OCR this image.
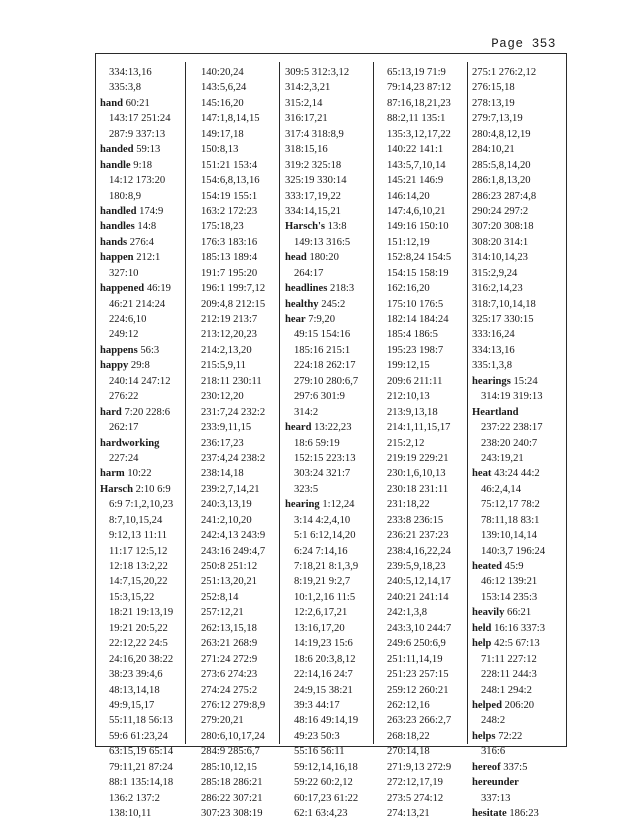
Page 353
334:13,16
335:3,8
hand 60:21
143:17 251:24
287:9 337:13
handed 59:13
handle 9:18
14:12 173:20
180:8,9
handled 174:9
handles 14:8
hands 276:4
happen 212:1
327:10
happened 46:19
46:21 214:24
224:6,10
249:12
happens 56:3
happy 29:8
240:14 247:12
276:22
hard 7:20 228:6
262:17
hardworking
227:24
harm 10:22
Harsch 2:10 6:9
6:9 7:1,2,10,23
8:7,10,15,24
9:12,13 11:11
11:17 12:5,12
12:18 13:2,22
14:7,15,20,22
15:3,15,22
18:21 19:13,19
19:21 20:5,22
22:12,22 24:5
24:16,20 38:22
38:23 39:4,6
48:13,14,18
49:9,15,17
55:11,18 56:13
59:6 61:23,24
63:15,19 65:14
79:11,21 87:24
88:1 135:14,18
136:2 137:2
138:10,11
140:20,24
143:5,6,24
145:16,20
147:1,8,14,15
149:17,18
150:8,13
151:21 153:4
154:6,8,13,16
154:19 155:1
163:2 172:23
175:18,23
176:3 183:16
185:13 189:4
191:7 195:20
196:1 199:7,12
209:4,8 212:15
212:19 213:7
213:12,20,23
214:2,13,20
215:5,9,11
218:11 230:11
230:12,20
231:7,24 232:2
233:9,11,15
236:17,23
237:4,24 238:2
238:14,18
239:2,7,14,21
240:3,13,19
241:2,10,20
242:4,13 243:9
243:16 249:4,7
250:8 251:12
251:13,20,21
252:8,14
257:12,21
262:13,15,18
263:21 268:9
271:24 272:9
273:6 274:23
274:24 275:2
276:12 279:8,9
279:20,21
280:6,10,17,24
284:9 285:6,7
285:10,12,15
285:18 286:21
286:22 307:21
307:23 308:19
309:5 312:3,12
314:2,3,21
315:2,14
316:17,21
317:4 318:8,9
318:15,16
319:2 325:18
325:19 330:14
333:17,19,22
334:14,15,21
Harsch's 13:8
149:13 316:5
head 180:20
264:17
headlines 218:3
healthy 245:2
hear 7:9,20
49:15 154:16
185:16 215:1
224:18 262:17
279:10 280:6,7
297:6 301:9
314:2
heard 13:22,23
18:6 59:19
152:15 223:13
303:24 321:7
323:5
hearing 1:12,24
3:14 4:2,4,10
5:1 6:12,14,20
6:24 7:14,16
7:18,21 8:1,3,9
8:19,21 9:2,7
10:1,2,16 11:5
12:2,6,17,21
13:16,17,20
14:19,23 15:6
18:6 20:3,8,12
22:14,16 24:7
24:9,15 38:21
39:3 44:17
48:16 49:14,19
49:23 50:3
55:16 56:11
59:12,14,16,18
59:22 60:2,12
60:17,23 61:22
62:1 63:4,23
65:13,19 71:9
79:14,23 87:12
87:16,18,21,23
88:2,11 135:1
135:3,12,17,22
140:22 141:1
143:5,7,10,14
145:21 146:9
146:14,20
147:4,6,10,21
149:16 150:10
151:12,19
152:8,24 154:5
154:15 158:19
162:16,20
175:10 176:5
182:14 184:24
185:4 186:5
195:23 198:7
199:12,15
209:6 211:11
212:10,13
213:9,13,18
214:1,11,15,17
215:2,12
219:19 229:21
230:1,6,10,13
230:18 231:11
231:18,22
233:8 236:15
236:21 237:23
238:4,16,22,24
239:5,9,18,23
240:5,12,14,17
240:21 241:14
242:1,3,8
243:3,10 244:7
249:6 250:6,9
251:11,14,19
251:23 257:15
259:12 260:21
262:12,16
263:23 266:2,7
268:18,22
270:14,18
271:9,13 272:9
272:12,17,19
273:5 274:12
274:13,21
275:1 276:2,12
276:15,18
278:13,19
279:7,13,19
280:4,8,12,19
284:10,21
285:5,8,14,20
286:1,8,13,20
286:23 287:4,8
290:24 297:2
307:20 308:18
308:20 314:1
314:10,14,23
315:2,9,24
316:2,14,23
318:7,10,14,18
325:17 330:15
333:16,24
334:13,16
335:1,3,8
hearings 15:24
314:19 319:13
Heartland
237:22 238:17
238:20 240:7
243:19,21
heat 43:24 44:2
46:2,4,14
75:12,17 78:2
78:11,18 83:1
139:10,14,14
140:3,7 196:24
heated 45:9
46:12 139:21
153:14 235:3
heavily 66:21
held 16:16 337:3
help 42:5 67:13
71:11 227:12
228:11 244:3
248:1 294:2
helped 206:20
248:2
helps 72:22
316:6
hereof 337:5
hereunder
337:13
hesitate 186:23
